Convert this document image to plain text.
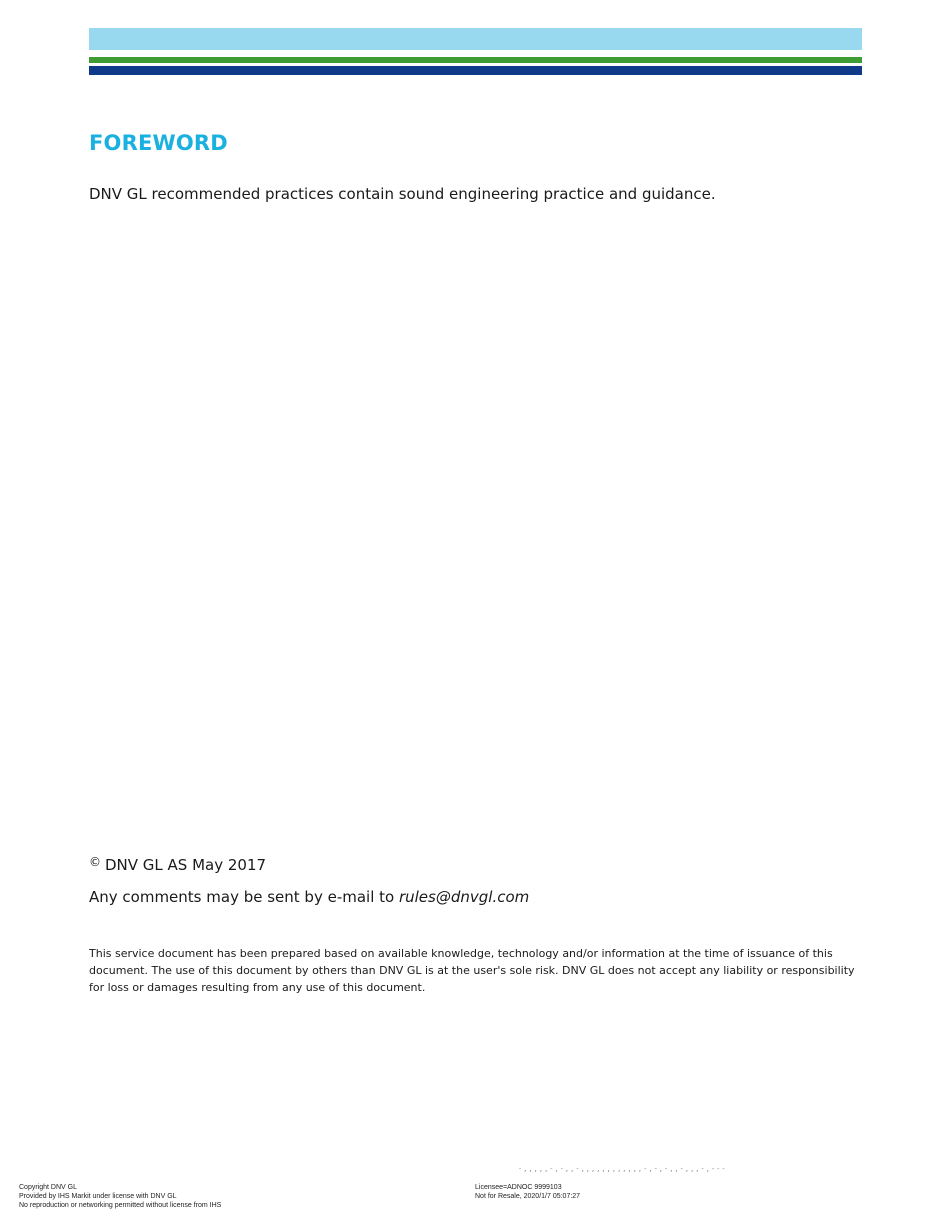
FOREWORD

DNV GL recommended practices contain sound engineering practice and guidance.

© DNV GL AS May 2017

Any comments may be sent by e-mail to rules@dnvgl.com

This service document has been prepared based on available knowledge, technology and/or information at the time of issuance of this document. The use of this document by others than DNV GL is at the user's sole risk. DNV GL does not accept any liability or responsibility for loss or damages resulting from any use of this document.

-,,,,,-,-,,-,,,,,,,,,,,,-,-,-,,-,,,-,---
Copyright DNV GL
Provided by IHS Markit under license with DNV GL
No reproduction or networking permitted without license from IHS
Licensee=ADNOC 9999103
Not for Resale, 2020/1/7 05:07:27
